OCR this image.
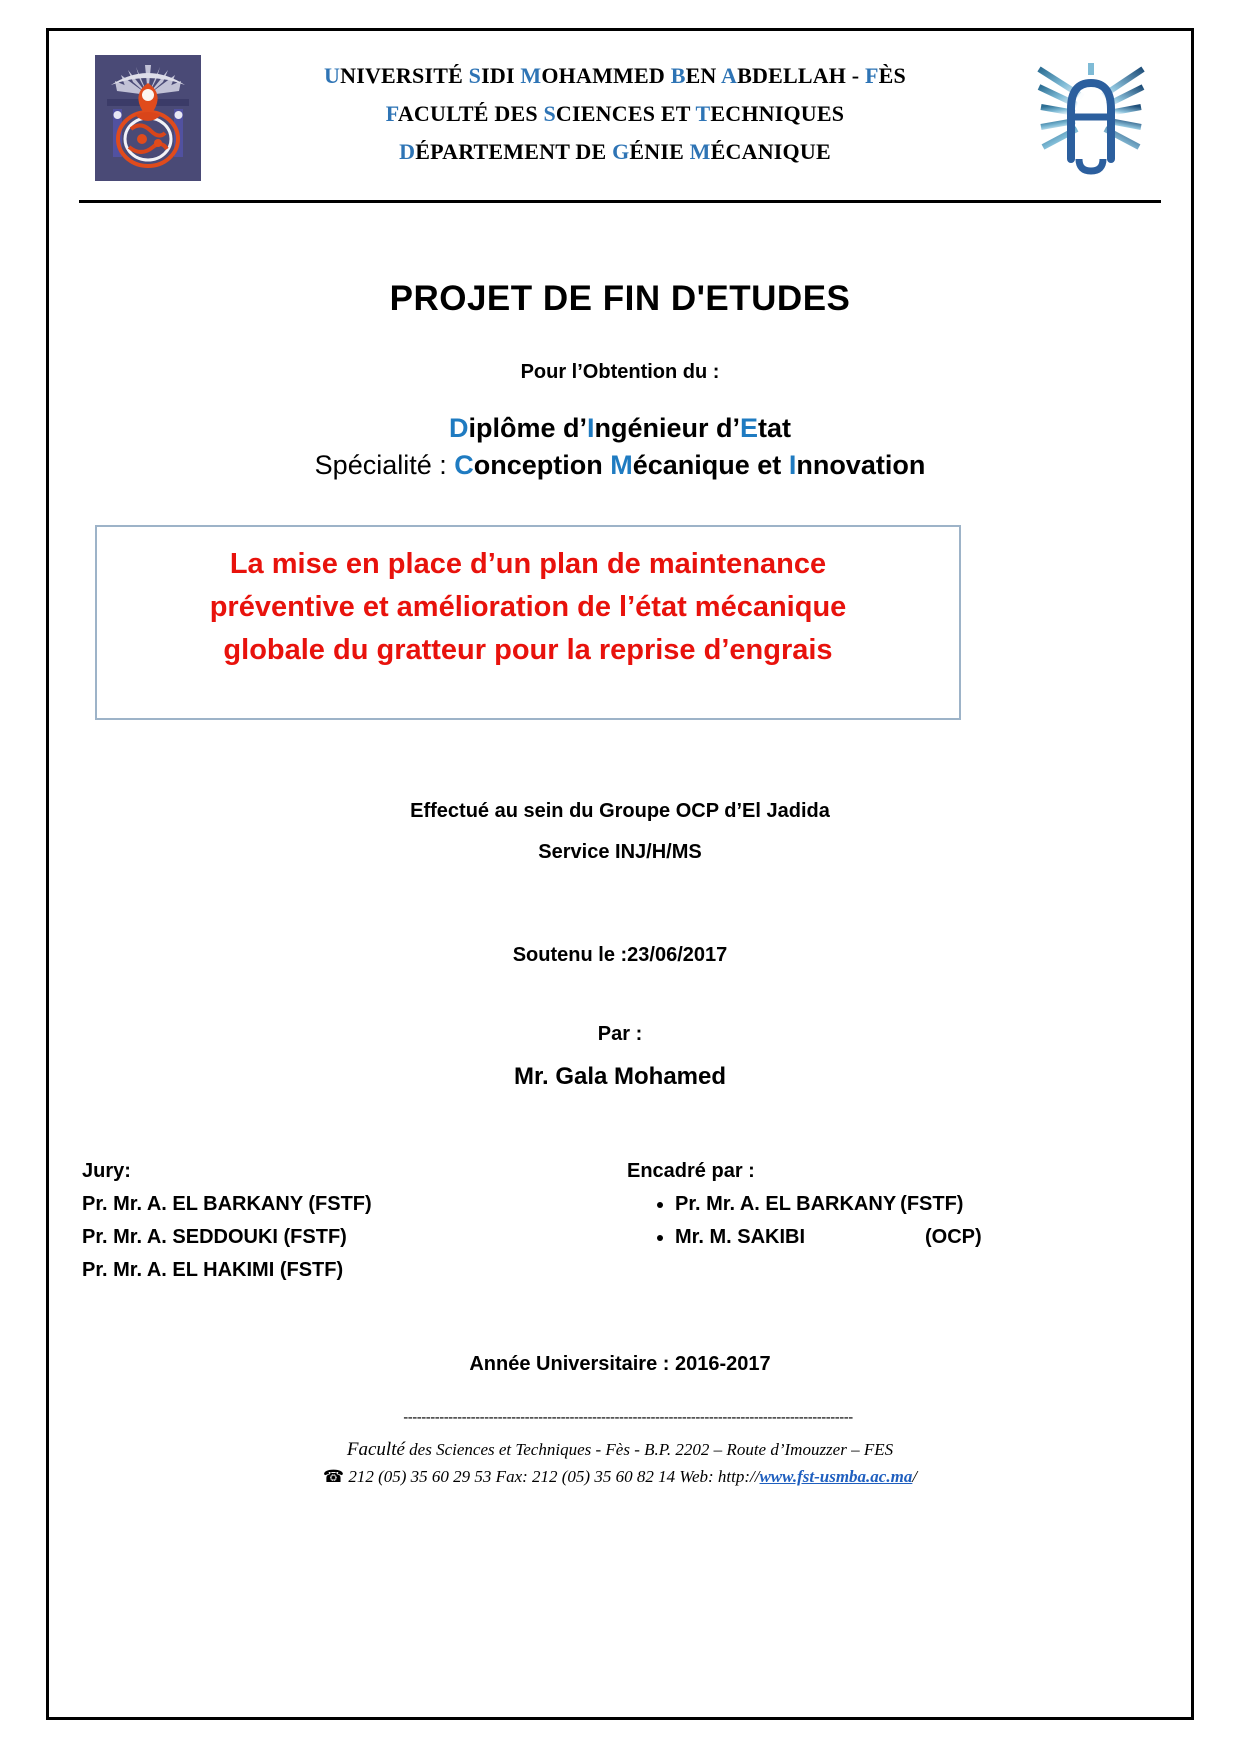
UNIVERSITÉ SIDI MOHAMMED BEN ABDELLAH - FÈS
FACULTÉ DES SCIENCES ET TECHNIQUES
DÉPARTEMENT DE GÉNIE MÉCANIQUE
PROJET DE FIN D'ETUDES
Pour l’Obtention du :
Diplôme d’Ingénieur d’Etat
Spécialité : Conception Mécanique et Innovation
La mise en place d’un plan de maintenance
préventive et amélioration de l’état mécanique
globale du gratteur pour la reprise d’engrais
Effectué au sein du Groupe OCP d’El Jadida
Service INJ/H/MS
Soutenu le :23/06/2017
Par :
Mr. Gala Mohamed
Jury:
Pr. Mr. A. EL BARKANY (FSTF)
Pr. Mr. A. SEDDOUKI (FSTF)
Pr. Mr. A. EL HAKIMI (FSTF)
Encadré par :
• Pr. Mr. A. EL BARKANY (FSTF)
• Mr. M. SAKIBI	(OCP)
Année Universitaire : 2016-2017
----------------------------------------------------------------------------------------------------
Faculté des Sciences et Techniques - Fès - B.P. 2202 – Route d’Imouzzer – FES
☎ 212 (05) 35 60 29 53 Fax: 212 (05) 35 60 82 14 Web: http://www.fst-usmba.ac.ma/
